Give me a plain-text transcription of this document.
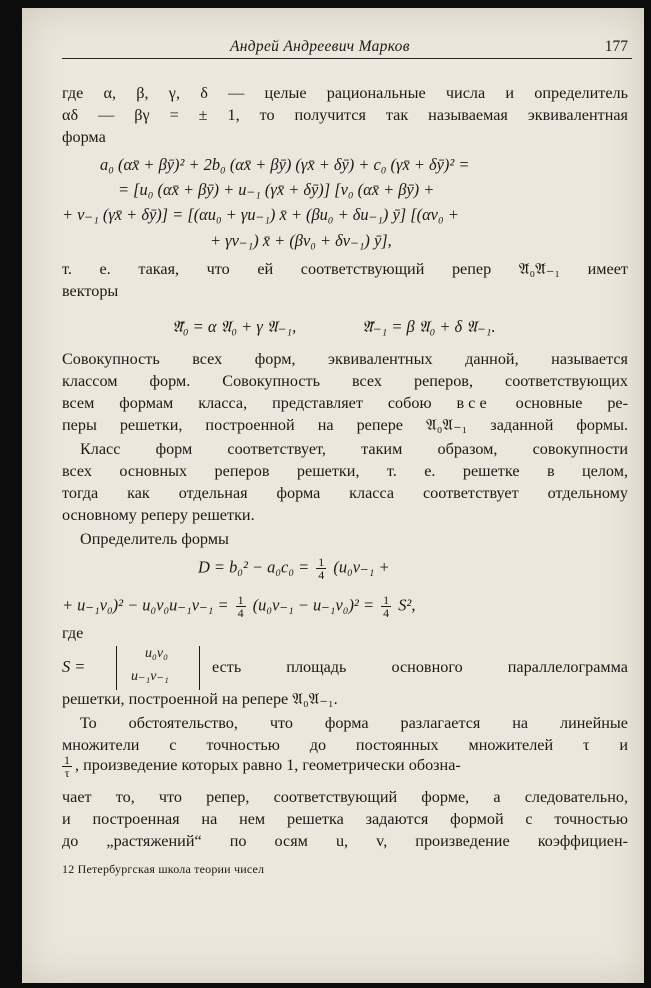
Андрей Андреевич Марков	177
где α, β, γ, δ — целые рациональные числа и определитель
αδ — βγ = ± 1, то получится так называемая эквивалентная
форма
a₀ (αx̄ + βȳ)² + 2b₀ (αx̄ + βȳ) (γx̄ + δȳ) + c₀ (γx̄ + δȳ)² =
= [u₀ (αx̄ + βȳ) + u₋₁ (γx̄ + δȳ)] [v₀ (αx̄ + βȳ) +
+ v₋₁ (γx̄ + δȳ)] = [(αu₀ + γu₋₁) x̄ + (βu₀ + δu₋₁) ȳ] [(αv₀ +
+ γv₋₁) x̄ + (βv₀ + δv₋₁) ȳ],
т. е. такая, что ей соответствующий репер 𝔄̄₀𝔄̄₋₁ имеет
векторы
𝔄̄₀ = α 𝔄₀ + γ 𝔄₋₁,	𝔄̄₋₁ = β 𝔄₀ + δ 𝔄₋₁.
Совокупность всех форм, эквивалентных данной, называется
классом форм. Совокупность всех реперов, соответствующих
всем формам класса, представляет собою все основные ре-
перы решетки, построенной на репере 𝔄₀𝔄₋₁ заданной формы.
Класс форм соответствует, таким образом, совокупности
всех основных реперов решетки, т. е. решетке в целом,
тогда как отдельная форма класса соответствует отдельному
основному реперу решетки.
Определитель формы
$D = b_0^2 - a_0c_0 = \frac{1}{4} (u_0v_{-1}$ +
+ $u_{-1}v_0)^2 - u_0v_0u_{-1}v_{-1} = \frac{1}{4} (u_0v_{-1} - u_{-1}v_0)^2 = \frac{1}{4} S^2$,
где
S =
u₀v₀
u₋₁v₋₁
есть площадь основного параллелограмма
решетки, построенной на репере 𝔄₀𝔄₋₁.
То обстоятельство, что форма разлагается на линейные
множители с точностью до постоянных множителей τ и
$\frac{1}{\tau}$ , произведение которых равно 1, геометрически обозна-
чает то, что репер, соответствующий форме, а следовательно,
и построенная на нем решетка задаются формой с точностью
до „растяжений“ по осям u, v, произведение коэффициен-
12 Петербургская школа теории чисел
